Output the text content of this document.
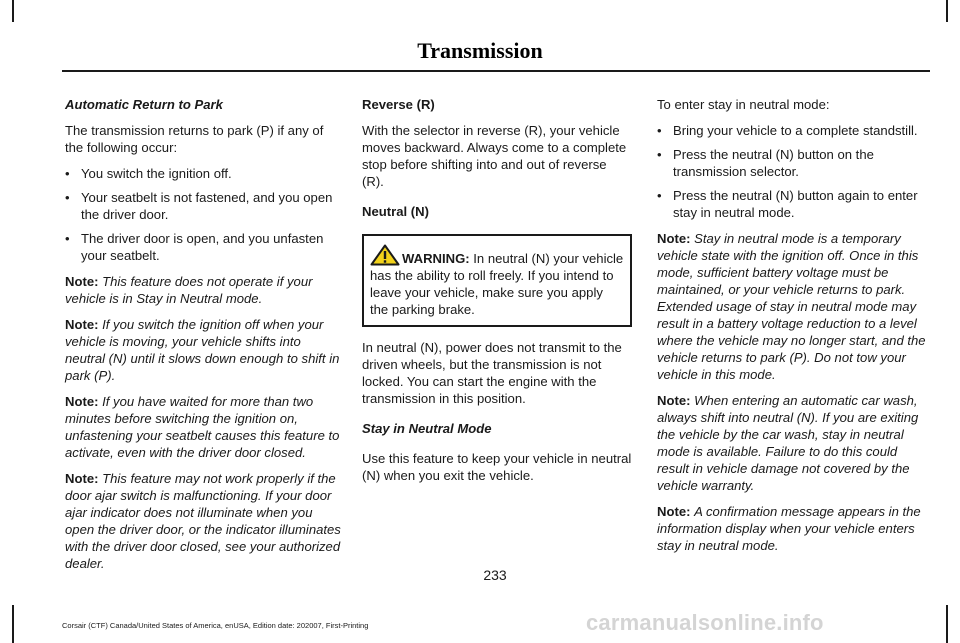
Transmission

Automatic Return to Park

The transmission returns to park (P) if any of the following occur:

• You switch the ignition off.
• Your seatbelt is not fastened, and you open the driver door.
• The driver door is open, and you unfasten your seatbelt.

Note: This feature does not operate if your vehicle is in Stay in Neutral mode.

Note: If you switch the ignition off when your vehicle is moving, your vehicle shifts into neutral (N) until it slows down enough to shift in park (P).

Note: If you have waited for more than two minutes before switching the ignition on, unfastening your seatbelt causes this feature to activate, even with the driver door closed.

Note: This feature may not work properly if the door ajar switch is malfunctioning. If your door ajar indicator does not illuminate when you open the driver door, or the indicator illuminates with the driver door closed, see your authorized dealer.

Reverse (R)

With the selector in reverse (R), your vehicle moves backward. Always come to a complete stop before shifting into and out of reverse (R).

Neutral (N)

WARNING: In neutral (N) your vehicle has the ability to roll freely. If you intend to leave your vehicle, make sure you apply the parking brake.

In neutral (N), power does not transmit to the driven wheels, but the transmission is not locked. You can start the engine with the transmission in this position.

Stay in Neutral Mode

Use this feature to keep your vehicle in neutral (N) when you exit the vehicle.

To enter stay in neutral mode:

• Bring your vehicle to a complete standstill.
• Press the neutral (N) button on the transmission selector.
• Press the neutral (N) button again to enter stay in neutral mode.

Note: Stay in neutral mode is a temporary vehicle state with the ignition off. Once in this mode, sufficient battery voltage must be maintained, or your vehicle returns to park. Extended usage of stay in neutral mode may result in a battery voltage reduction to a level where the vehicle may no longer start, and the vehicle returns to park (P). Do not tow your vehicle in this mode.

Note: When entering an automatic car wash, always shift into neutral (N). If you are exiting the vehicle by the car wash, stay in neutral mode is available. Failure to do this could result in vehicle damage not covered by the vehicle warranty.

Note: A confirmation message appears in the information display when your vehicle enters stay in neutral mode.

233
Corsair (CTF) Canada/United States of America, enUSA, Edition date: 202007, First-Printing	carmanualsonline.info
